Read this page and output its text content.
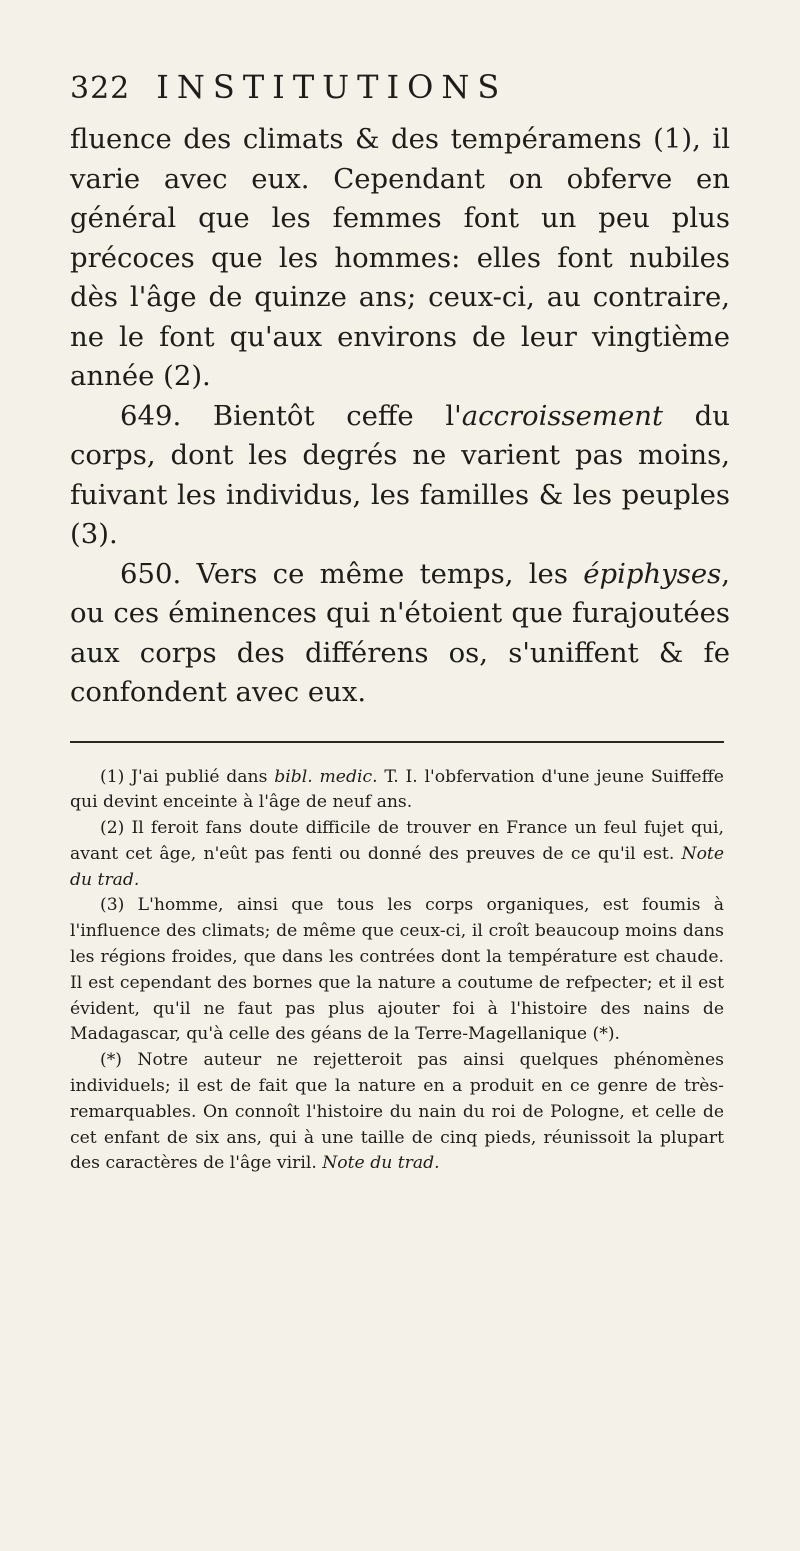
322 INSTITUTIONS

fluence des climats & des tempéramens (1), il varie avec eux. Cependant on obferve en général que les femmes font un peu plus précoces que les hommes: elles font nubiles dès l'âge de quinze ans; ceux-ci, au contraire, ne le font qu'aux environs de leur vingtième année (2).

649. Bientôt ceffe l'accroissement du corps, dont les degrés ne varient pas moins, fuivant les individus, les familles & les peuples (3).

650. Vers ce même temps, les épiphyses, ou ces éminences qui n'étoient que furajoutées aux corps des différens os, s'uniffent & fe confondent avec eux.

(1) J'ai publié dans bibl. medic. T. I. l'obfervation d'une jeune Suiffeffe qui devint enceinte à l'âge de neuf ans.

(2) Il feroit fans doute difficile de trouver en France un feul fujet qui, avant cet âge, n'eût pas fenti ou donné des preuves de ce qu'il est. Note du trad.

(3) L'homme, ainsi que tous les corps organiques, est foumis à l'influence des climats; de même que ceux-ci, il croît beaucoup moins dans les régions froides, que dans les contrées dont la température est chaude. Il est cependant des bornes que la nature a coutume de refpecter; et il est évident, qu'il ne faut pas plus ajouter foi à l'histoire des nains de Madagascar, qu'à celle des géans de la Terre-Magellanique (*).

(*) Notre auteur ne rejetteroit pas ainsi quelques phénomènes individuels; il est de fait que la nature en a produit en ce genre de très-remarquables. On connoît l'histoire du nain du roi de Pologne, et celle de cet enfant de six ans, qui à une taille de cinq pieds, réunissoit la plupart des caractères de l'âge viril. Note du trad.
